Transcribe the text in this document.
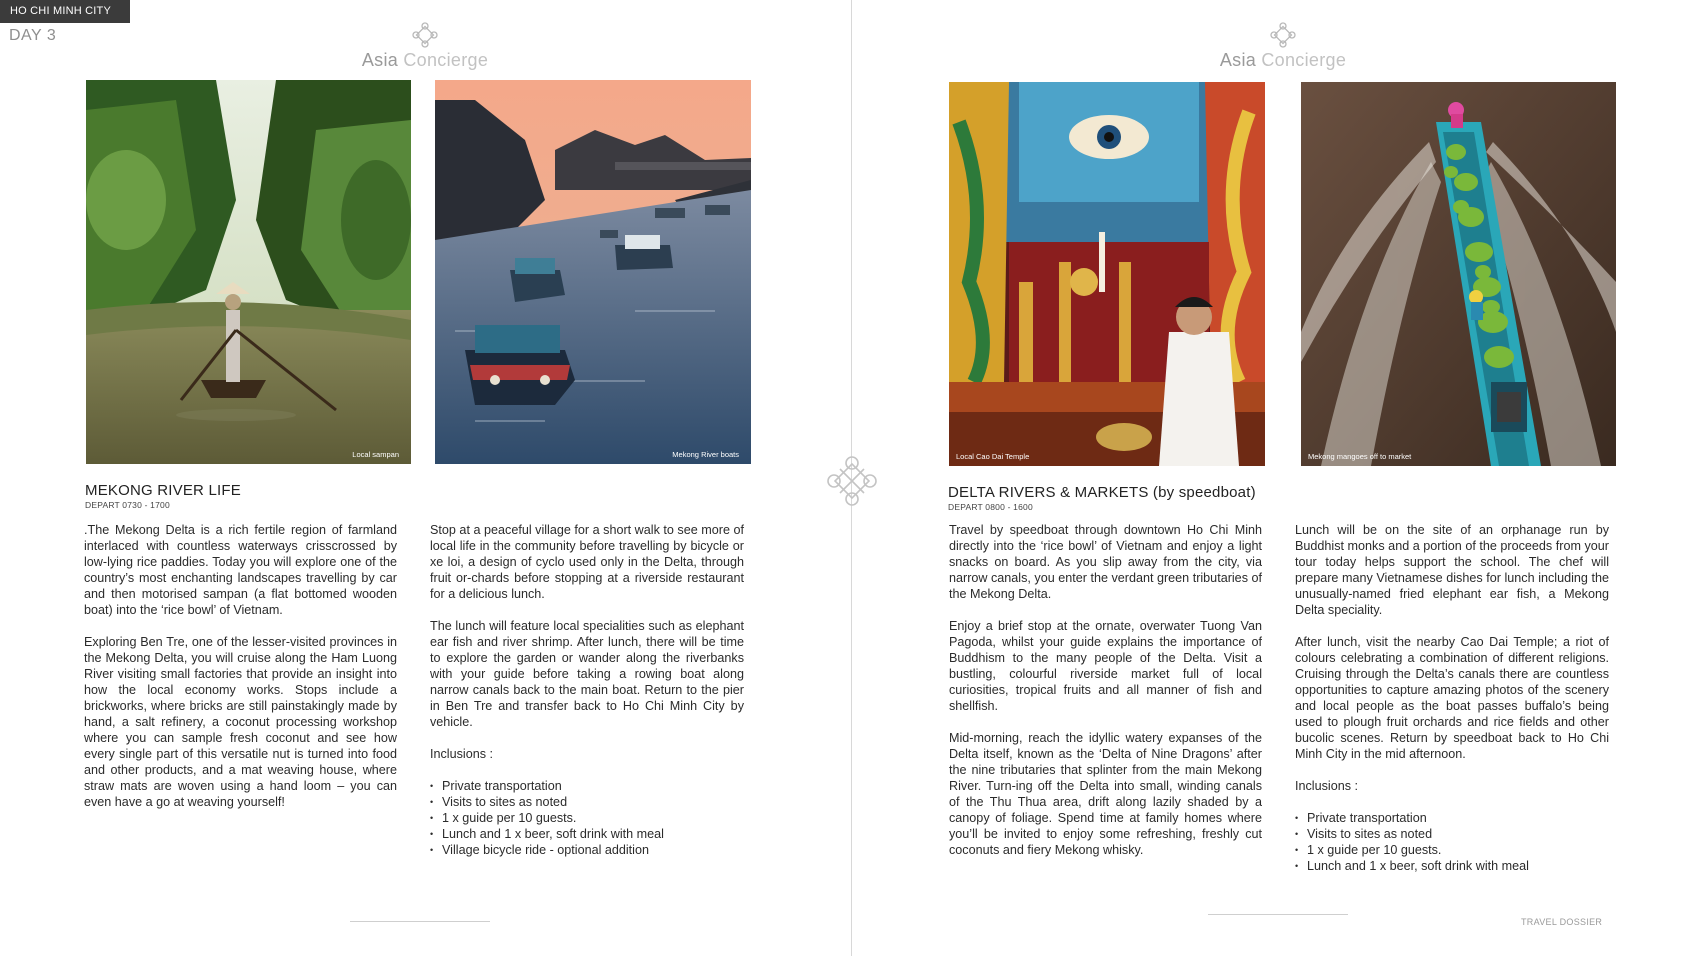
HO CHI MINH CITY
DAY 3
Asia Concierge	Asia Concierge
Local sampan	Mekong River boats
MEKONG RIVER LIFE
DEPART 0730 - 1700

.The Mekong Delta is a rich fertile region of farmland interlaced with countless waterways crisscrossed by low-lying rice paddies. Today you will explore one of the country’s most enchanting landscapes travelling by car and then motorised sampan (a flat bottomed wooden boat) into the ‘rice bowl’ of Vietnam.

Exploring Ben Tre, one of the lesser-visited provinces in the Mekong Delta, you will cruise along the Ham Luong River visiting small factories that provide an insight into how the local economy works. Stops include a brickworks, where bricks are still painstakingly made by hand, a salt refinery, a coconut processing workshop where you can sample fresh coconut and see how every single part of this versatile nut is turned into food and other products, and a mat weaving house, where straw mats are woven using a hand loom – you can even have a go at weaving yourself!

Stop at a peaceful village for a short walk to see more of local life in the community before travelling by bicycle or xe loi, a design of cyclo used only in the Delta, through fruit or-chards before stopping at a riverside restaurant for a delicious lunch.

The lunch will feature local specialities such as elephant ear fish and river shrimp. After lunch, there will be time to explore the garden or wander along the riverbanks with your guide before taking a rowing boat along narrow canals back to the main boat. Return to the pier in Ben Tre and transfer back to Ho Chi Minh City by vehicle.

Inclusions :
• Private transportation
• Visits to sites as noted
• 1 x guide per 10 guests.
• Lunch and 1 x beer, soft drink with meal
• Village bicycle ride - optional addition
Local Cao Dai Temple	Mekong mangoes off to market
DELTA RIVERS & MARKETS (by speedboat)
DEPART 0800 - 1600

Travel by speedboat through downtown Ho Chi Minh directly into the ‘rice bowl’ of Vietnam and enjoy a light snacks on board. As you slip away from the city, via narrow canals, you enter the verdant green tributaries of the Mekong Delta.

Enjoy a brief stop at the ornate, overwater Tuong Van Pagoda, whilst your guide explains the importance of Buddhism to the many people of the Delta. Visit a bustling, colourful riverside market full of local curiosities, tropical fruits and all manner of fish and shellfish.

Mid-morning, reach the idyllic watery expanses of the Delta itself, known as the ‘Delta of Nine Dragons’ after the nine tributaries that splinter from the main Mekong River. Turn-ing off the Delta into small, winding canals of the Thu Thua area, drift along lazily shaded by a canopy of foliage. Spend time at family homes where you’ll be invited to enjoy some refreshing, freshly cut coconuts and fiery Mekong whisky.

Lunch will be on the site of an orphanage run by Buddhist monks and a portion of the proceeds from your tour today helps support the school. The chef will prepare many Vietnamese dishes for lunch including the unusually-named fried elephant ear fish, a Mekong Delta speciality.

After lunch, visit the nearby Cao Dai Temple; a riot of colours celebrating a combination of different religions. Cruising through the Delta’s canals there are countless opportunities to capture amazing photos of the scenery and local people as the boat passes buffalo’s being used to plough fruit orchards and rice fields and other bucolic scenes. Return by speedboat back to Ho Chi Minh City in the mid afternoon.

Inclusions :
• Private transportation
• Visits to sites as noted
• 1 x guide per 10 guests.
• Lunch and 1 x beer, soft drink with meal
TRAVEL DOSSIER
